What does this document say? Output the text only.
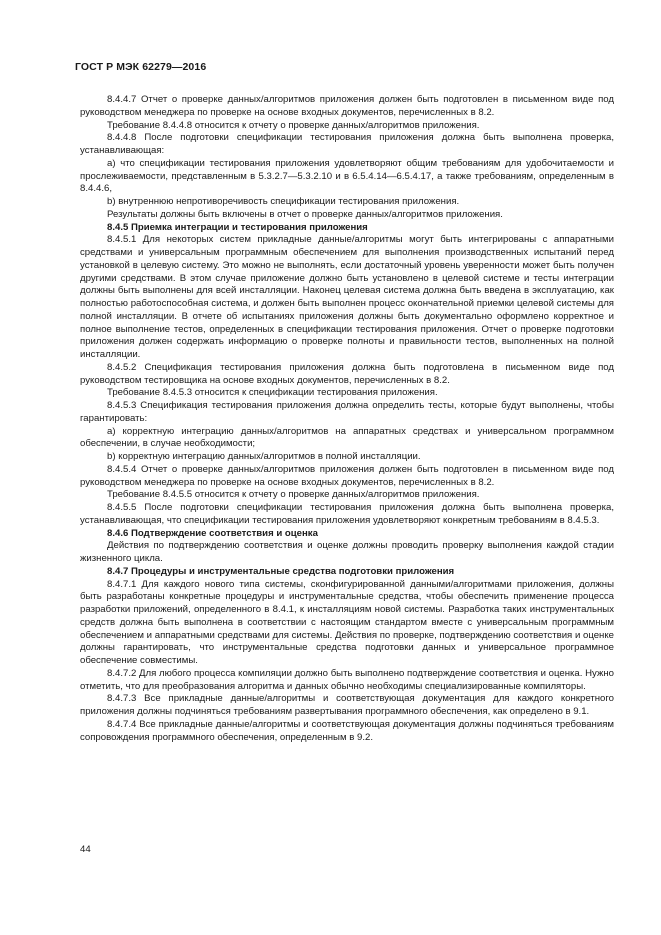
ГОСТ Р МЭК 62279—2016

8.4.4.7 Отчет о проверке данных/алгоритмов приложения должен быть подготовлен в письменном виде под руководством менеджера по проверке на основе входных документов, перечисленных в 8.2.

Требование 8.4.4.8 относится к отчету о проверке данных/алгоритмов приложения.

8.4.4.8 После подготовки спецификации тестирования приложения должна быть выполнена проверка, устанавливающая:

а) что спецификации тестирования приложения удовлетворяют общим требованиям для удобочитаемости и прослеживаемости, представленным в 5.3.2.7—5.3.2.10 и в 6.5.4.14—6.5.4.17, а также требованиям, определенным в 8.4.4.6,

b) внутреннюю непротиворечивость спецификации тестирования приложения.

Результаты должны быть включены в отчет о проверке данных/алгоритмов приложения.

8.4.5 Приемка интеграции и тестирования приложения

8.4.5.1 Для некоторых систем прикладные данные/алгоритмы могут быть интегрированы с аппаратными средствами и универсальным программным обеспечением для выполнения производственных испытаний перед установкой в целевую систему. Это можно не выполнять, если достаточный уровень уверенности может быть получен другими средствами. В этом случае приложение должно быть установлено в целевой системе и тесты интеграции должны быть выполнены для всей инсталляции. Наконец целевая система должна быть введена в эксплуатацию, как полностью работоспособная система, и должен быть выполнен процесс окончательной приемки целевой системы для полной инсталляции. В отчете об испытаниях приложения должны быть документально оформлено корректное и полное выполнение тестов, определенных в спецификации тестирования приложения. Отчет о проверке подготовки приложения должен содержать информацию о проверке полноты и правильности тестов, выполненных на полной инсталляции.

8.4.5.2 Спецификация тестирования приложения должна быть подготовлена в письменном виде под руководством тестировщика на основе входных документов, перечисленных в 8.2.

Требование 8.4.5.3 относится к спецификации тестирования приложения.

8.4.5.3 Спецификация тестирования приложения должна определить тесты, которые будут выполнены, чтобы гарантировать:

а) корректную интеграцию данных/алгоритмов на аппаратных средствах и универсальном программном обеспечении, в случае необходимости;

b) корректную интеграцию данных/алгоритмов в полной инсталляции.

8.4.5.4 Отчет о проверке данных/алгоритмов приложения должен быть подготовлен в письменном виде под руководством менеджера по проверке на основе входных документов, перечисленных в 8.2.

Требование 8.4.5.5 относится к отчету о проверке данных/алгоритмов приложения.

8.4.5.5 После подготовки спецификации тестирования приложения должна быть выполнена проверка, устанавливающая, что спецификации тестирования приложения удовлетворяют конкретным требованиям в 8.4.5.3.

8.4.6 Подтверждение соответствия и оценка

Действия по подтверждению соответствия и оценке должны проводить проверку выполнения каждой стадии жизненного цикла.

8.4.7 Процедуры и инструментальные средства подготовки приложения

8.4.7.1 Для каждого нового типа системы, сконфигурированной данными/алгоритмами приложения, должны быть разработаны конкретные процедуры и инструментальные средства, чтобы обеспечить применение процесса разработки приложений, определенного в 8.4.1, к инсталляциям новой системы. Разработка таких инструментальных средств должна быть выполнена в соответствии с настоящим стандартом вместе с универсальным программным обеспечением и аппаратными средствами для системы. Действия по проверке, подтверждению соответствия и оценке должны гарантировать, что инструментальные средства подготовки данных и универсальное программное обеспечение совместимы.

8.4.7.2 Для любого процесса компиляции должно быть выполнено подтверждение соответствия и оценка. Нужно отметить, что для преобразования алгоритма и данных обычно необходимы специализированные компиляторы.

8.4.7.3 Все прикладные данные/алгоритмы и соответствующая документация для каждого конкретного приложения должны подчиняться требованиям развертывания программного обеспечения, как определено в 9.1.

8.4.7.4 Все прикладные данные/алгоритмы и соответствующая документация должны подчиняться требованиям сопровождения программного обеспечения, определенным в 9.2.

44
